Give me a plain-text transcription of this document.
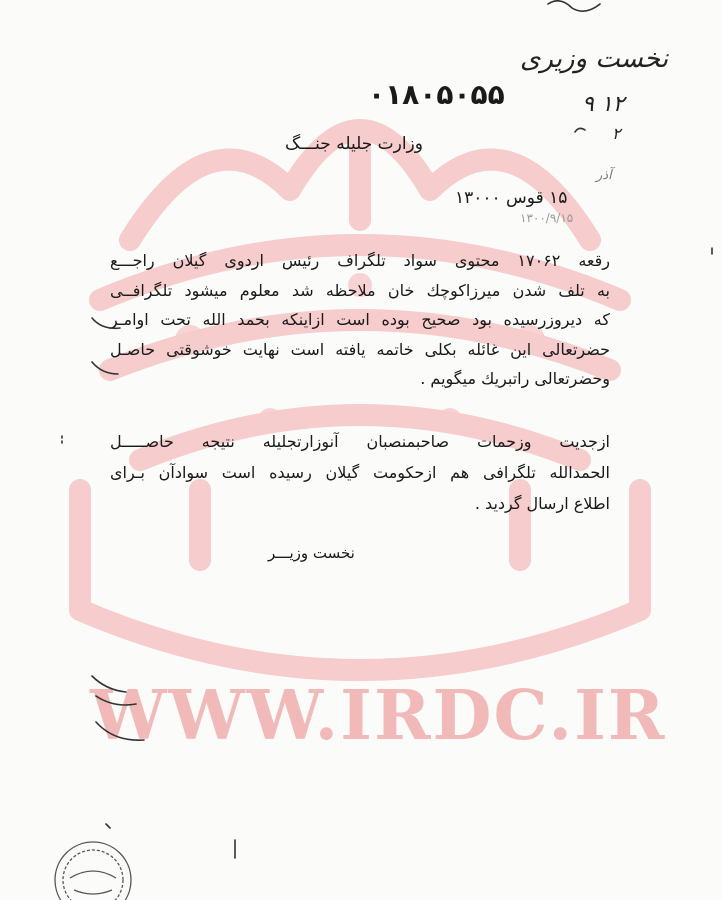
WWW.IRDC.IR
نخست وزیری
۰۱۸۰۵۰۵۵	۱۲ ۹
۲
وزارت جلیله جنـــگ
آذر
۱۵ قوس ۱۳۰۰۰
۱۳۰۰/۹/۱۵

رقعه ۱۷۰۶۲ محتوی سواد تلگراف رئیس اردوی گیلان راجـــع

به تلف شدن میرزاکوچك خان ملاحظه شد معلوم میشود تلگرافــی

که دیروزرسیده بود صحیح بوده است ازاینکه بحمد الله تحت اوامـر

حضرتعالی این غائله بکلی خاتمه یافته است نهایت خوشوقتی حاصـل

وحضرتعالی راتبریك میگویم .

ازجدیت وزحمات صاحبمنصبان آنوزارتجلیله نتیجه حاصـــــل

الحمدالله تلگرافی هم ازحکومت گیلان رسیده است سوادآن بـرای

اطلاع ارسال گردید .

نخست وزیـــر
